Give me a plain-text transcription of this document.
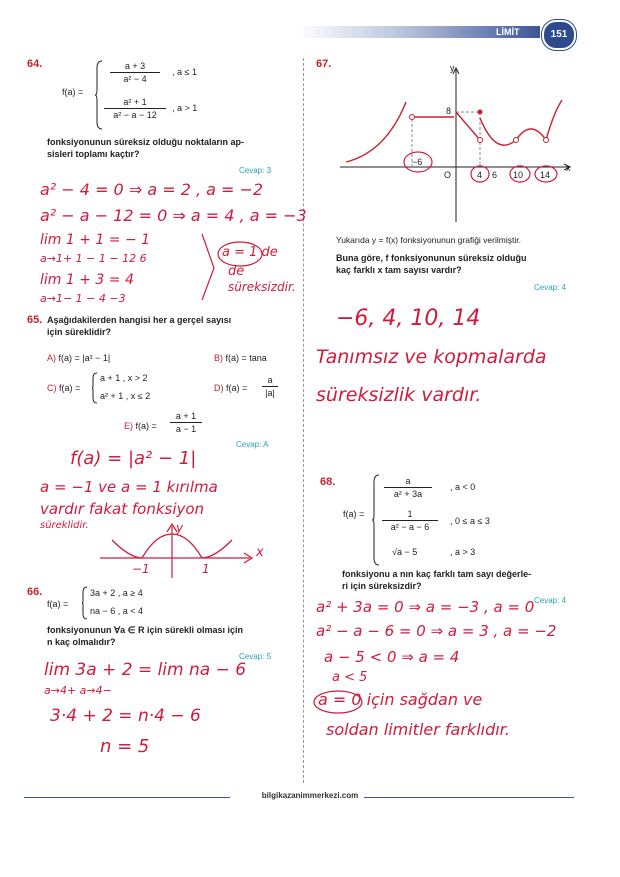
LİMİT	151
64.
f(a) =
$\frac{a + 3}{\text{a² − 4}}$ , a ≤ 1
$\frac{\text{a² + 1}}{\text{a² − a − 12}}$ , a > 1
fonksiyonunun süreksiz olduğu noktaların ap-
sisleri toplamı kaçtır?
Cevap: 3
a² − 4 = 0 ⇒ a = 2 , a = −2
a² − a − 12 = 0 ⇒ a = 4 , a = −3
lim 1 + 1 = − 1
a→1+ 1 − 1 − 12 6
lim 1 + 3 = 4
a→1− 1 − 4 −3
a = 1 de
de
süreksizdir.
65. Aşağıdakilerden hangisi her a gerçel sayısı
için süreklidir?
A) f(a) = |a² − 1|	B) f(a) = tana
C) f(a) =
a + 1 , x > 2
a² + 1 , x ≤ 2
D) $f(a) = \frac{a}{|a|}$
E) $f(a) = \frac{a + 1}{a - 1}$
Cevap: A
f(a) = |a² − 1|
a = −1 ve a = 1 kırılma
vardır fakat fonksiyon
süreklidir.	y
x
−1	1
66.
f(a) =
3a + 2 , a ≥ 4
na − 6 , a < 4
fonksiyonunun ∀a ∈ R için sürekli olması için
n kaç olmalıdır?
Cevap: 5
lim 3a + 2 = lim na − 6
a→4+ a→4−
3·4 + 2 = n·4 − 6
n = 5
67.	y
x
O
8
−6
4 6 10 14
Yukarıda y = f(x) fonksiyonunun grafiği verilmiştir.
Buna göre, f fonksiyonunun süreksiz olduğu
kaç farklı x tam sayısı vardır?
Cevap: 4
−6, 4, 10, 14
Tanımsız ve kopmalarda
süreksizlik vardır.
68.
f(a) =
$\frac{a}{\text{a² + 3a}}$ , a < 0
$\frac{1}{\text{a² − a − 6}}$ , 0 ≤ a ≤ 3
√a − 5	, a > 3
fonksiyonu a nın kaç farklı tam sayı değerle-
ri için süreksizdir?
Cevap: 4
a² + 3a = 0 ⇒ a = −3 , a = 0
a² − a − 6 = 0 ⇒ a = 3 , a = −2
a − 5 < 0 ⇒ a = 4
a < 5
a = 0 için sağdan ve
soldan limitler farklıdır.
bilgikazanimmerkezi.com
